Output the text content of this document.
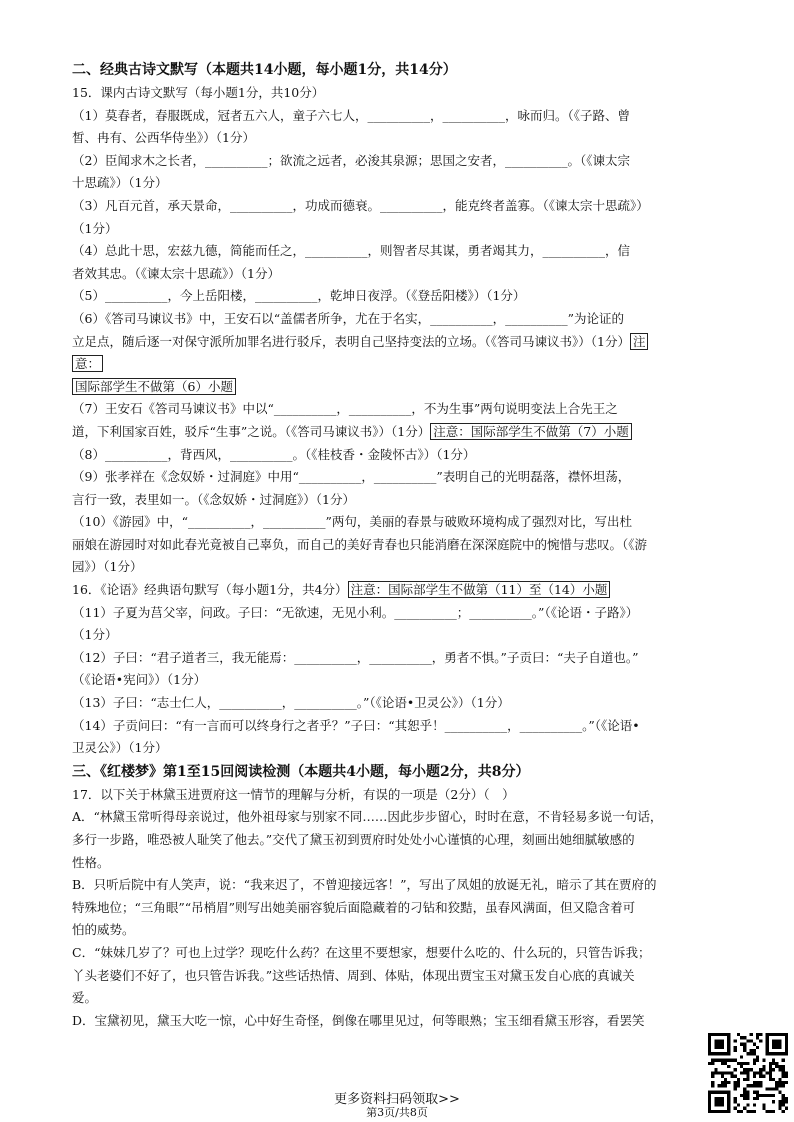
二、经典古诗文默写（本题共14小题，每小题1分，共14分）
15．课内古诗文默写（每小题1分，共10分）
（1）莫春者，春服既成，冠者五六人，童子六七人，__________，__________，咏而归。（《子路、曾
皙、冉有、公西华侍坐》）（1分）
（2）臣闻求木之长者，__________；欲流之远者，必浚其泉源；思国之安者，__________。（《谏太宗
十思疏》）（1分）
（3）凡百元首，承天景命，__________，功成而德衰。__________，能克终者盖寡。（《谏太宗十思疏》）
（1分）
（4）总此十思，宏兹九德，简能而任之，__________，则智者尽其谋，勇者竭其力，__________，信
者效其忠。（《谏太宗十思疏》）（1分）
（5）__________，今上岳阳楼，__________，乾坤日夜浮。（《登岳阳楼》）（1分）
（6）《答司马谏议书》中，王安石以“盖儒者所争，尤在于名实，__________，__________”为论证的
立足点，随后逐一对保守派所加罪名进行驳斥，表明自己坚持变法的立场。（《答司马谏议书》）（1分） 注
意：
国际部学生不做第（6）小题
（7）王安石《答司马谏议书》中以“__________，__________，不为生事”两句说明变法上合先王之
道，下利国家百姓，驳斥“生事”之说。（《答司马谏议书》）（1分） 注意：国际部学生不做第（7）小题
（8）__________，背西风，__________。（《桂枝香・金陵怀古》）（1分）
（9）张孝祥在《念奴娇・过洞庭》中用“__________，__________”表明自己的光明磊落，襟怀坦荡，
言行一致，表里如一。（《念奴娇・过洞庭》）（1分）
（10）《游园》中，“__________，__________”两句，美丽的春景与破败环境构成了强烈对比，写出杜
丽娘在游园时对如此春光竟被自己辜负，而自己的美好青春也只能消磨在深深庭院中的惋惜与悲叹。（《游
园》）（1分）
16．《论语》经典语句默写（每小题1分，共4分） 注意：国际部学生不做第（11）至（14）小题
（11）子夏为莒父宰，问政。子曰：“无欲速，无见小利。__________；__________。”（《论语・子路》）
（1分）
（12）子曰：“君子道者三，我无能焉：__________，__________，勇者不惧。”子贡曰：“夫子自道也。”
（《论语•宪问》）（1分）
（13）子曰：“志士仁人，__________，__________。”（《论语•卫灵公》）（1分）
（14）子贡问曰：“有一言而可以终身行之者乎？”子曰：“其恕乎！__________，__________。”（《论语•
卫灵公》）（1分）
三、《红楼梦》第1至15回阅读检测（本题共4小题，每小题2分，共8分）
17．以下关于林黛玉进贾府这一情节的理解与分析，有误的一项是（2分）（　）
A．“林黛玉常听得母亲说过，他外祖母家与别家不同……因此步步留心，时时在意，不肯轻易多说一句话，
多行一步路，唯恐被人耻笑了他去。”交代了黛玉初到贾府时处处小心谨慎的心理，刻画出她细腻敏感的
性格。
B．只听后院中有人笑声，说：“我来迟了，不曾迎接远客！”，写出了凤姐的放诞无礼，暗示了其在贾府的
特殊地位；“三角眼”“吊梢眉”则写出她美丽容貌后面隐藏着的刁钻和狡黠，虽春风满面，但又隐含着可
怕的威势。
C．“妹妹几岁了？可也上过学？现吃什么药？在这里不要想家，想要什么吃的、什么玩的，只管告诉我；
丫头老婆们不好了，也只管告诉我。”这些话热情、周到、体贴，体现出贾宝玉对黛玉发自心底的真诚关
爱。
D．宝黛初见，黛玉大吃一惊，心中好生奇怪，倒像在哪里见过，何等眼熟；宝玉细看黛玉形容，看罢笑
更多资料扫码领取>>
第3页/共8页
